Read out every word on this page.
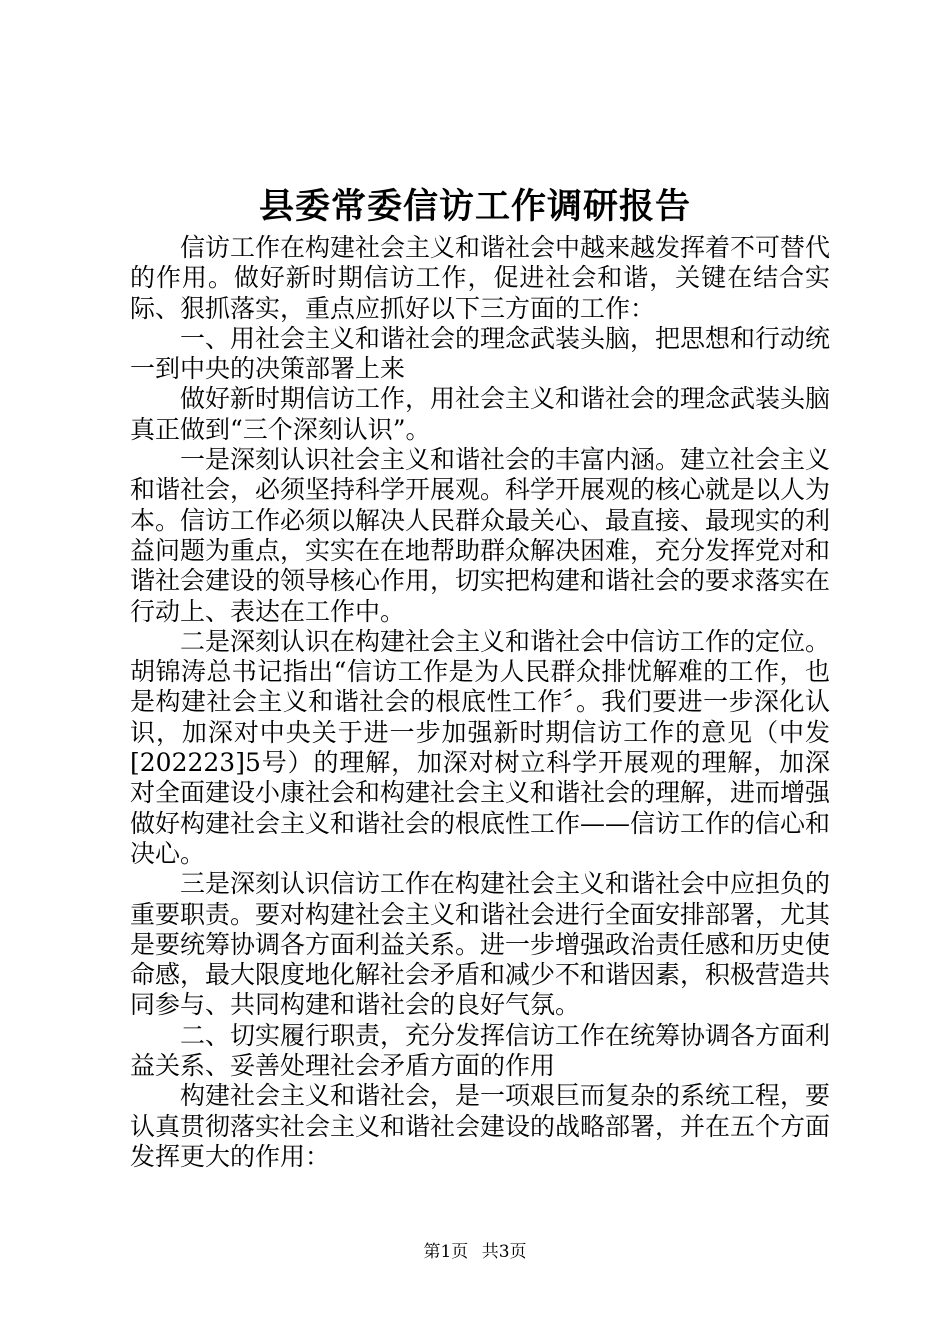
县委常委信访工作调研报告

信访工作在构建社会主义和谐社会中越来越发挥着不可替代的作用。做好新时期信访工作，促进社会和谐，关键在结合实际、狠抓落实，重点应抓好以下三方面的工作：

一、用社会主义和谐社会的理念武装头脑，把思想和行动统一到中央的决策部署上来

做好新时期信访工作，用社会主义和谐社会的理念武装头脑真正做到“三个深刻认识”。

一是深刻认识社会主义和谐社会的丰富内涵。建立社会主义和谐社会，必须坚持科学开展观。科学开展观的核心就是以人为本。信访工作必须以解决人民群众最关心、最直接、最现实的利益问题为重点，实实在在地帮助群众解决困难，充分发挥党对和谐社会建设的领导核心作用，切实把构建和谐社会的要求落实在行动上、表达在工作中。

二是深刻认识在构建社会主义和谐社会中信访工作的定位。胡锦涛总书记指出“信访工作是为人民群众排忧解难的工作，也是构建社会主义和谐社会的根底性工作〞。我们要进一步深化认识，加深对中央关于进一步加强新时期信访工作的意见（中发[202223]5号）的理解，加深对树立科学开展观的理解，加深对全面建设小康社会和构建社会主义和谐社会的理解，进而增强做好构建社会主义和谐社会的根底性工作——信访工作的信心和决心。

三是深刻认识信访工作在构建社会主义和谐社会中应担负的重要职责。要对构建社会主义和谐社会进行全面安排部署，尤其是要统筹协调各方面利益关系。进一步增强政治责任感和历史使命感，最大限度地化解社会矛盾和减少不和谐因素，积极营造共同参与、共同构建和谐社会的良好气氛。

二、切实履行职责，充分发挥信访工作在统筹协调各方面利益关系、妥善处理社会矛盾方面的作用

构建社会主义和谐社会，是一项艰巨而复杂的系统工程，要认真贯彻落实社会主义和谐社会建设的战略部署，并在五个方面发挥更大的作用：

第1页 共3页
